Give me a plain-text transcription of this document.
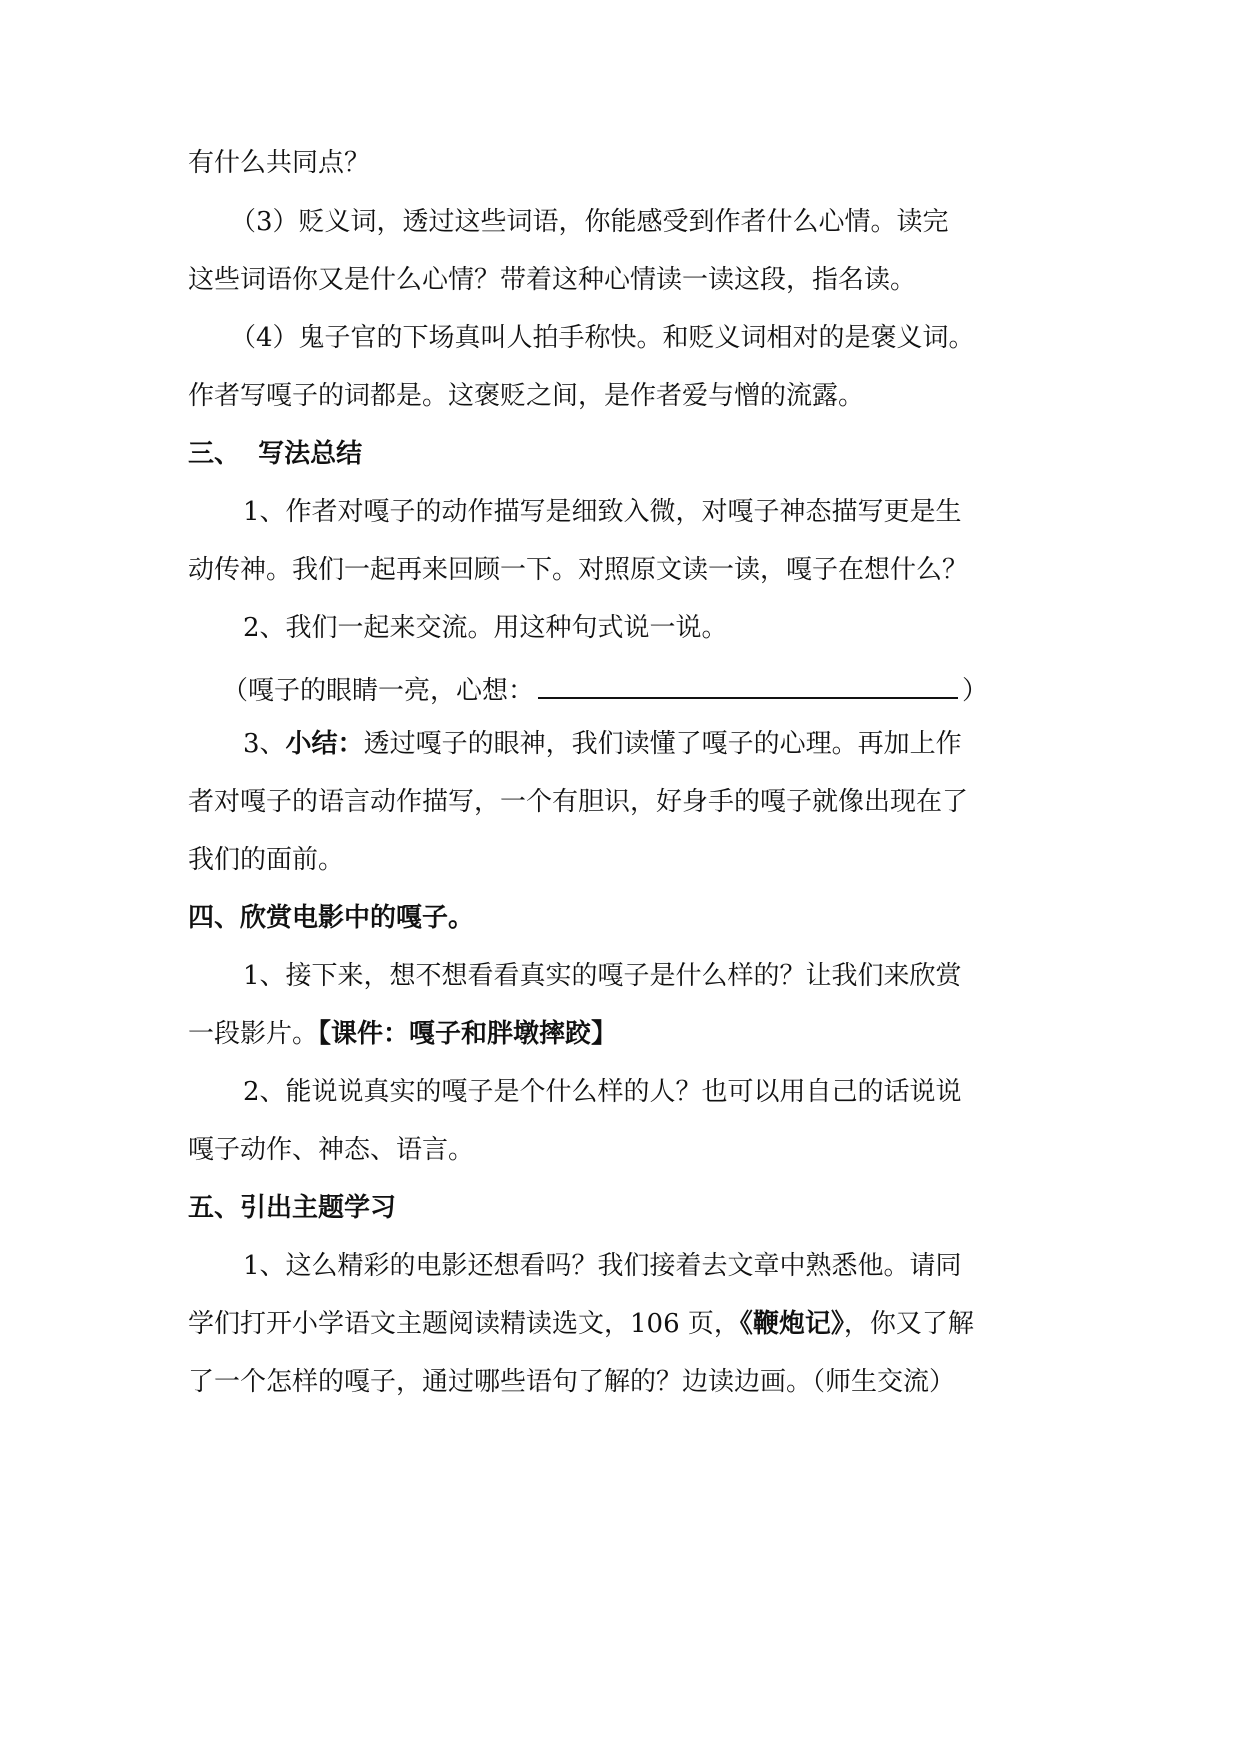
有什么共同点？
（3）贬义词，透过这些词语，你能感受到作者什么心情。读完
这些词语你又是什么心情？带着这种心情读一读这段，指名读。
（4）鬼子官的下场真叫人拍手称快。和贬义词相对的是褒义词。
作者写嘎子的词都是。这褒贬之间，是作者爱与憎的流露。
三、  写法总结
1、作者对嘎子的动作描写是细致入微，对嘎子神态描写更是生
动传神。我们一起再来回顾一下。对照原文读一读，嘎子在想什么？
2、我们一起来交流。用这种句式说一说。
（嘎子的眼睛一亮，心想：	）
3、小结：透过嘎子的眼神，我们读懂了嘎子的心理。再加上作
者对嘎子的语言动作描写，一个有胆识，好身手的嘎子就像出现在了
我们的面前。
四、欣赏电影中的嘎子。
1、接下来，想不想看看真实的嘎子是什么样的？让我们来欣赏
一段影片。【课件：嘎子和胖墩摔跤】
2、能说说真实的嘎子是个什么样的人？也可以用自己的话说说
嘎子动作、神态、语言。
五、引出主题学习
1、这么精彩的电影还想看吗？我们接着去文章中熟悉他。请同
学们打开小学语文主题阅读精读选文，106 页，《鞭炮记》，你又了解
了一个怎样的嘎子，通过哪些语句了解的？边读边画。（师生交流）
